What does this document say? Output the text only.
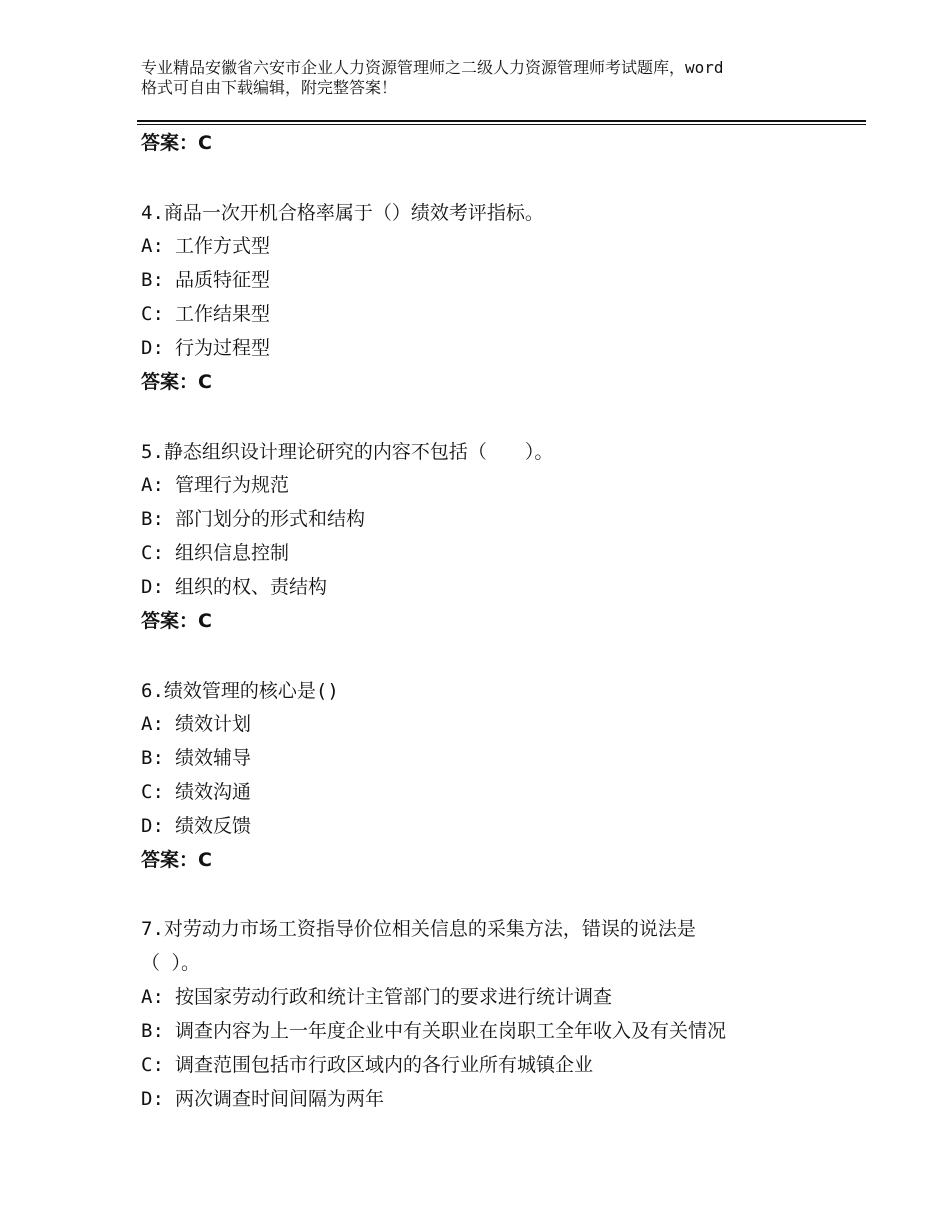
专业精品安徽省六安市企业人力资源管理师之二级人力资源管理师考试题库，word
格式可自由下载编辑，附完整答案！
答案：C
4.商品一次开机合格率属于（）绩效考评指标。
A: 工作方式型
B: 品质特征型
C: 工作结果型
D: 行为过程型
答案：C
5.静态组织设计理论研究的内容不包括（　　）。
A: 管理行为规范
B: 部门划分的形式和结构
C: 组织信息控制
D: 组织的权、责结构
答案：C
6.绩效管理的核心是()
A: 绩效计划
B: 绩效辅导
C: 绩效沟通
D: 绩效反馈
答案：C
7.对劳动力市场工资指导价位相关信息的采集方法，错误的说法是
（ ）。
A: 按国家劳动行政和统计主管部门的要求进行统计调查
B: 调查内容为上一年度企业中有关职业在岗职工全年收入及有关情况
C: 调查范围包括市行政区域内的各行业所有城镇企业
D: 两次调查时间间隔为两年
